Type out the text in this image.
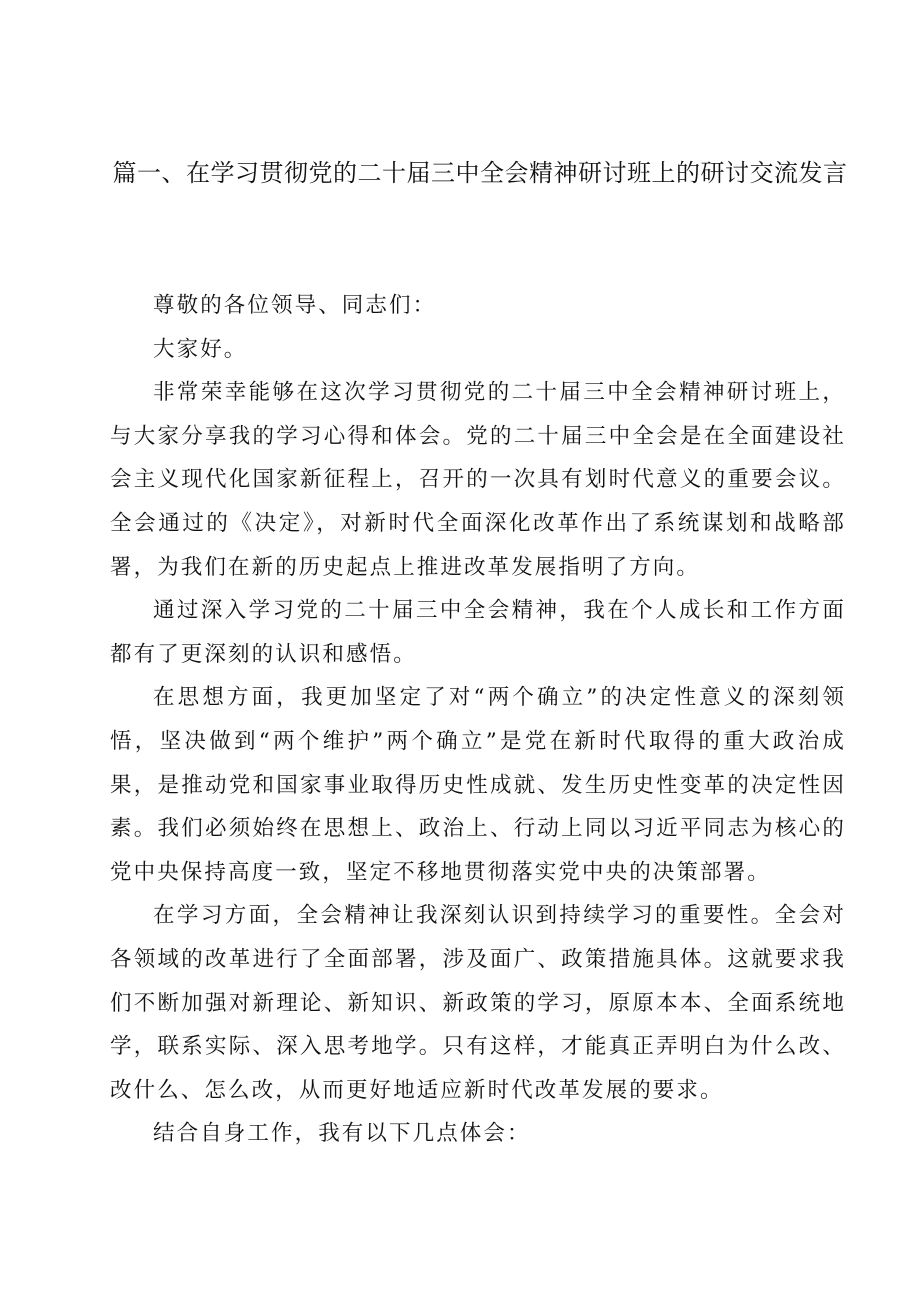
篇一、在学习贯彻党的二十届三中全会精神研讨班上的研讨交流发言

尊敬的各位领导、同志们：

大家好。

非常荣幸能够在这次学习贯彻党的二十届三中全会精神研讨班上，与大家分享我的学习心得和体会。党的二十届三中全会是在全面建设社会主义现代化国家新征程上，召开的一次具有划时代意义的重要会议。全会通过的《决定》，对新时代全面深化改革作出了系统谋划和战略部署，为我们在新的历史起点上推进改革发展指明了方向。

通过深入学习党的二十届三中全会精神，我在个人成长和工作方面都有了更深刻的认识和感悟。

在思想方面，我更加坚定了对“两个确立”的决定性意义的深刻领悟，坚决做到“两个维护”两个确立”是党在新时代取得的重大政治成果，是推动党和国家事业取得历史性成就、发生历史性变革的决定性因素。我们必须始终在思想上、政治上、行动上同以习近平同志为核心的党中央保持高度一致，坚定不移地贯彻落实党中央的决策部署。

在学习方面，全会精神让我深刻认识到持续学习的重要性。全会对各领域的改革进行了全面部署，涉及面广、政策措施具体。这就要求我们不断加强对新理论、新知识、新政策的学习，原原本本、全面系统地学，联系实际、深入思考地学。只有这样，才能真正弄明白为什么改、改什么、怎么改，从而更好地适应新时代改革发展的要求。

结合自身工作，我有以下几点体会：
